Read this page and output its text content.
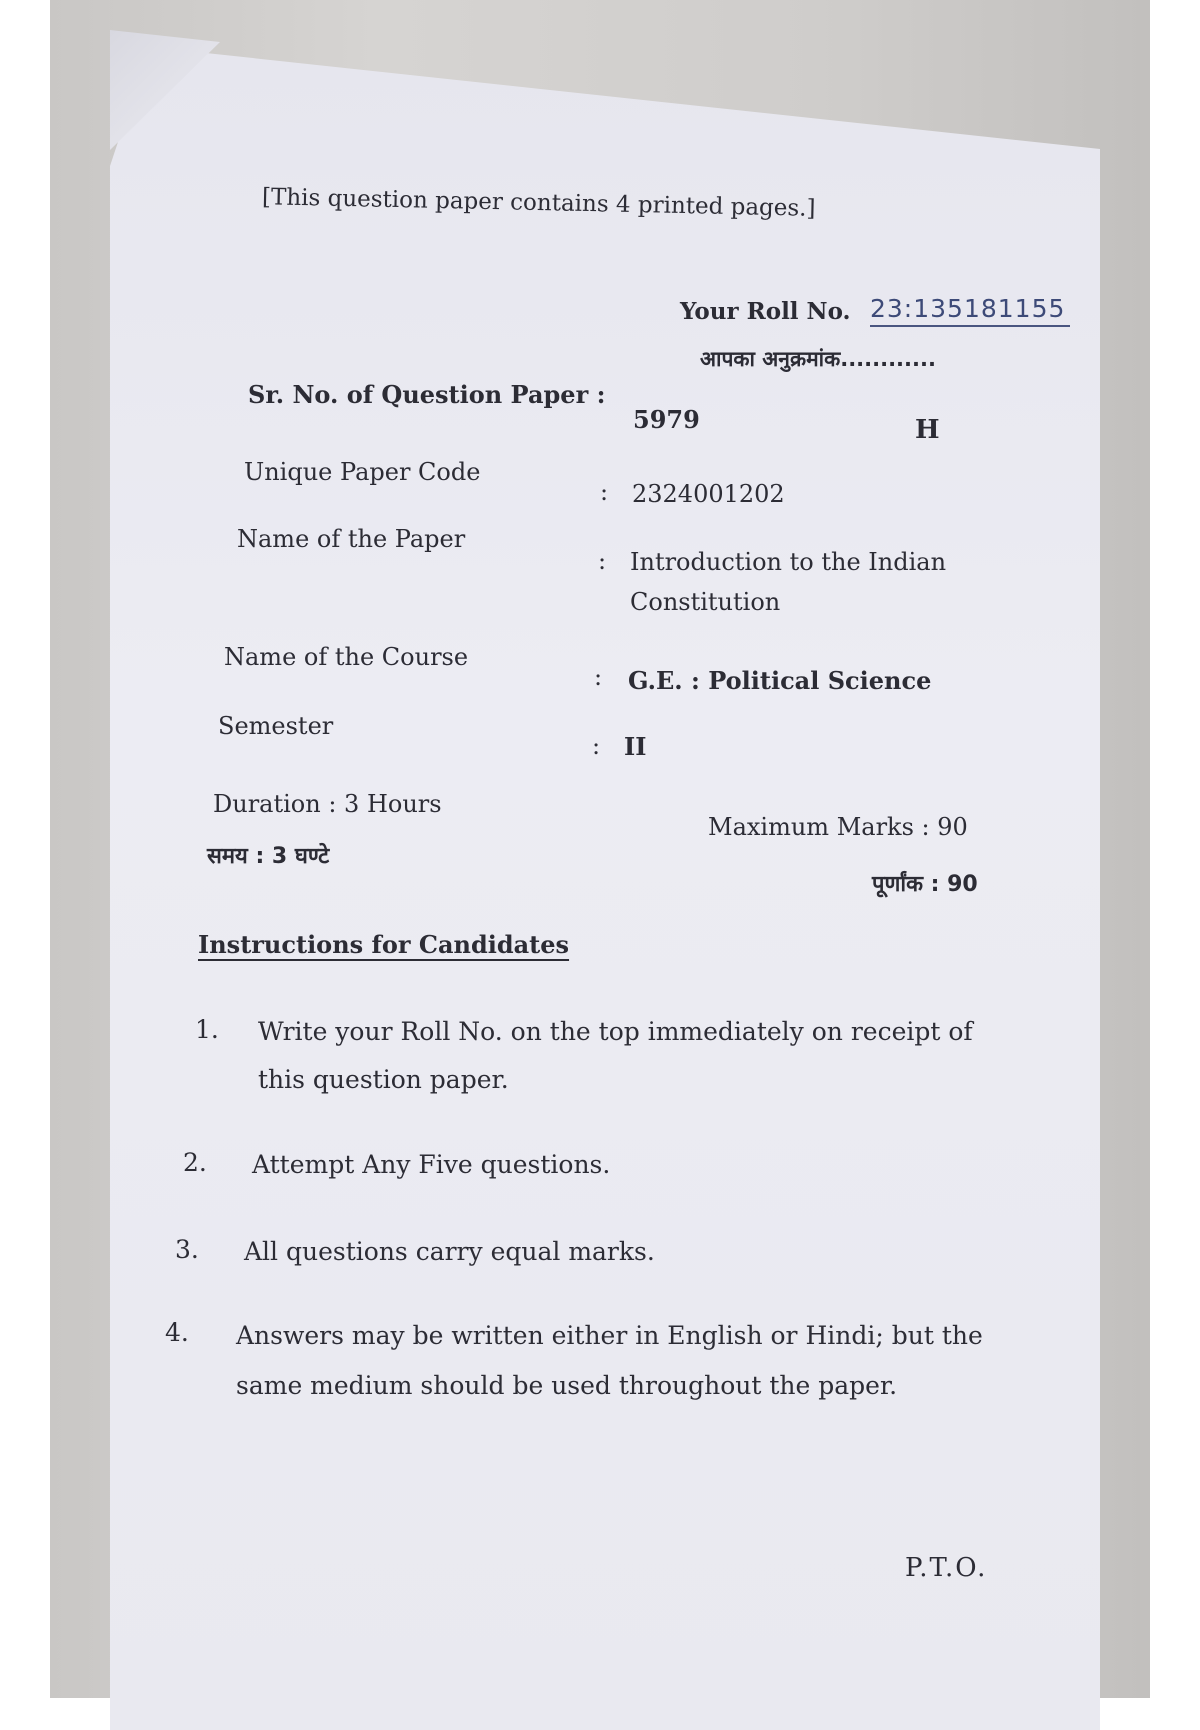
[This question paper contains 4 printed pages.]
Your Roll No. 23:135181155
आपका अनुक्रमांक............
H
Sr. No. of Question Paper :
5979
Unique Paper Code
: 2324001202
Name of the Paper
: Introduction to the Indian Constitution
Name of the Course
: G.E. : Political Science
Semester
: II
Duration : 3 Hours
समय : 3 घण्टे
Maximum Marks : 90
पूर्णांक : 90
Instructions for Candidates
1. Write your Roll No. on the top immediately on receipt of this question paper.
2. Attempt Any Five questions.
3. All questions carry equal marks.
4. Answers may be written either in English or Hindi; but the same medium should be used throughout the paper.
P.T.O.
